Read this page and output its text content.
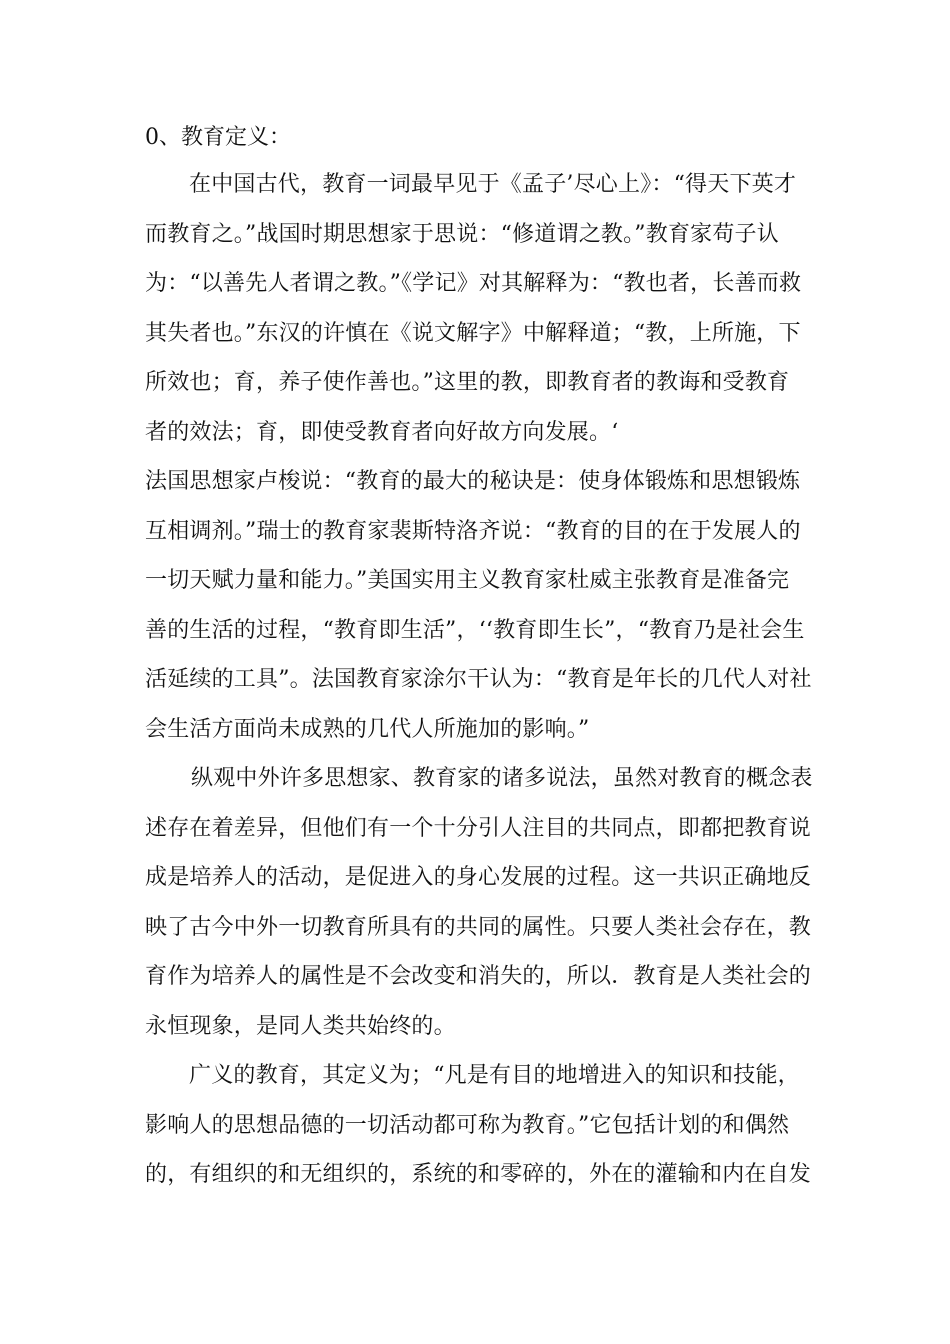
0、教育定义：
在中国古代，教育一词最早见于《孟子’尽心上》：“得天下英才
而教育之。”战国时期思想家于思说：“修道谓之教。”教育家苟子认
为：“以善先人者谓之教。”《学记》对其解释为：“教也者，长善而救
其失者也。”东汉的许慎在《说文解字》中解释道；“教，上所施，下
所效也；育，养子使作善也。”这里的教，即教育者的教诲和受教育
者的效法；育，即使受教育者向好故方向发展。‘
法国思想家卢梭说：“教育的最大的秘诀是：使身体锻炼和思想锻炼
互相调剂。”瑞士的教育家裴斯特洛齐说：“教育的目的在于发展人的
一切天赋力量和能力。”美国实用主义教育家杜威主张教育是准备完
善的生活的过程，“教育即生活”，‘‘教育即生长”，“教育乃是社会生
活延续的工具”。法国教育家涂尔干认为：“教育是年长的几代人对社
会生活方面尚未成熟的几代人所施加的影响。”
纵观中外许多思想家、教育家的诸多说法，虽然对教育的概念表
述存在着差异，但他们有一个十分引人注目的共同点，即都把教育说
成是培养人的活动，是促进入的身心发展的过程。这一共识正确地反
映了古今中外一切教育所具有的共同的属性。只要人类社会存在，教
育作为培养人的属性是不会改变和消失的，所以．教育是人类社会的
永恒现象，是同人类共始终的。
广义的教育，其定义为；“凡是有目的地增进入的知识和技能，
影响人的思想品德的一切活动都可称为教育。”它包括计划的和偶然
的，有组织的和无组织的，系统的和零碎的，外在的灌输和内在自发
